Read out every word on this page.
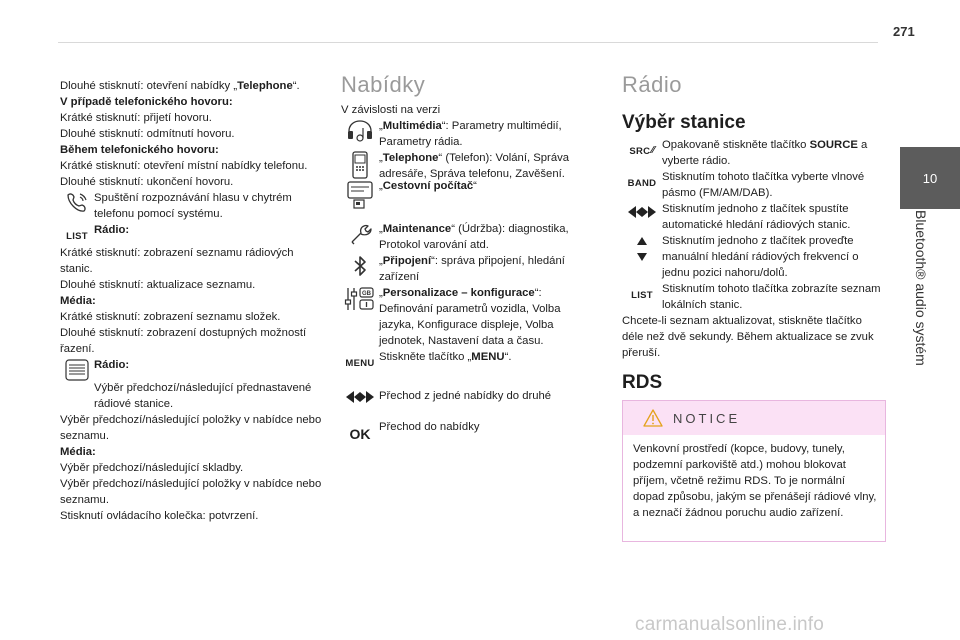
271
10
Bluetooth® audio systém

Dlouhé stisknutí: otevření nabídky „Telephone“.

V případě telefonického hovoru:

Krátké stisknutí: přijetí hovoru.

Dlouhé stisknutí: odmítnutí hovoru.

Během telefonického hovoru:

Krátké stisknutí: otevření místní nabídky telefonu.

Dlouhé stisknutí: ukončení hovoru.

Spuštění rozpoznávání hlasu v chytrém telefonu pomocí systému.
LIST
Rádio:

Krátké stisknutí: zobrazení seznamu rádiových stanic.

Dlouhé stisknutí: aktualizace seznamu.

Média:

Krátké stisknutí: zobrazení seznamu složek.

Dlouhé stisknutí: zobrazení dostupných možností řazení.

Rádio:

Výběr předchozí/následující přednastavené rádiové stanice.

Výběr předchozí/následující položky v nabídce nebo seznamu.

Média:

Výběr předchozí/následující skladby.

Výběr předchozí/následující položky v nabídce nebo seznamu.

Stisknutí ovládacího kolečka: potvrzení.

Nabídky

V závislosti na verzi

„Multimédia“: Parametry multimédií, Parametry rádia.
„Telephone“ (Telefon): Volání, Správa adresáře, Správa telefonu, Zavěšení.
„Cestovní počítač“
„Maintenance“ (Údržba): diagnostika, Protokol varování atd.
„Připojení“: správa připojení, hledání zařízení
GB „Personalizace – konfigurace“: Definování parametrů vozidla, Volba jazyka, Konfigurace displeje, Volba jednotek, Nastavení data a času.
MENU
Stiskněte tlačítko „MENU“.
Přechod z jedné nabídky do druhé
OK Přechod do nabídky
Rádio
Výběr stanice
SRC ⁄⁄ Opakovaně stiskněte tlačítko SOURCE a vyberte rádio.
BAND
Stisknutím tohoto tlačítka vyberte vlnové pásmo (FM/AM/DAB).
Stisknutím jednoho z tlačítek spustíte automatické hledání rádiových stanic.
Stisknutím jednoho z tlačítek proveďte manuální hledání rádiových frekvencí o jednu pozici nahoru/dolů.
LIST
Stisknutím tohoto tlačítka zobrazíte seznam lokálních stanic.

Chcete-li seznam aktualizovat, stiskněte tlačítko déle než dvě sekundy. Během aktualizace se zvuk přeruší.

RDS
NOTICE
Venkovní prostředí (kopce, budovy, tunely, podzemní parkoviště atd.) mohou blokovat příjem, včetně režimu RDS. To je normální dopad způsobu, jakým se přenášejí rádiové vlny, a neznačí žádnou poruchu audio zařízení.
carmanualsonline.info
